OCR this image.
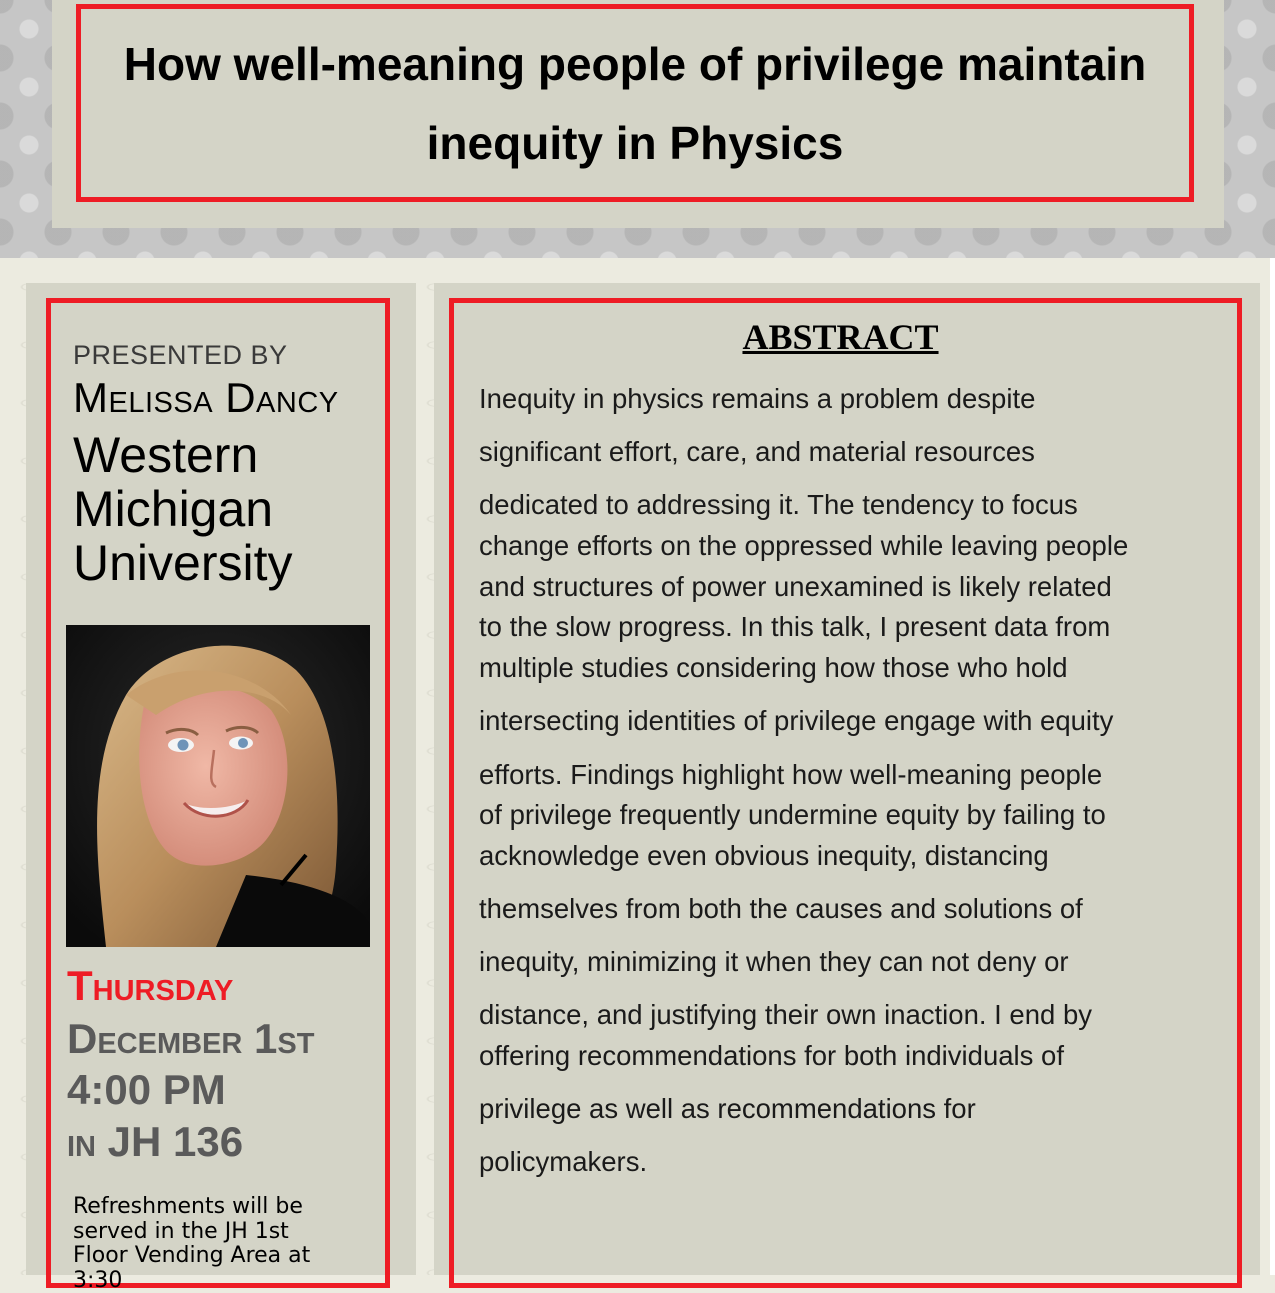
How well-meaning people of privilege maintain
inequity in Physics
PRESENTED BY
Melissa Dancy
Western
Michigan
University
Thursday
December 1st
4:00 PM
in JH 136
Refreshments will be
served in the JH 1st
Floor Vending Area at
3:30
ABSTRACT
Inequity in physics remains a problem despite
significant effort, care, and material resources
dedicated to addressing it. The tendency to focus
change efforts on the oppressed while leaving people
and structures of power unexamined is likely related
to the slow progress. In this talk, I present data from
multiple studies considering how those who hold
intersecting identities of privilege engage with equity
efforts. Findings highlight how well-meaning people
of privilege frequently undermine equity by failing to
acknowledge even obvious inequity, distancing
themselves from both the causes and solutions of
inequity, minimizing it when they can not deny or
distance, and justifying their own inaction. I end by
offering recommendations for both individuals of
privilege as well as recommendations for
policymakers.
